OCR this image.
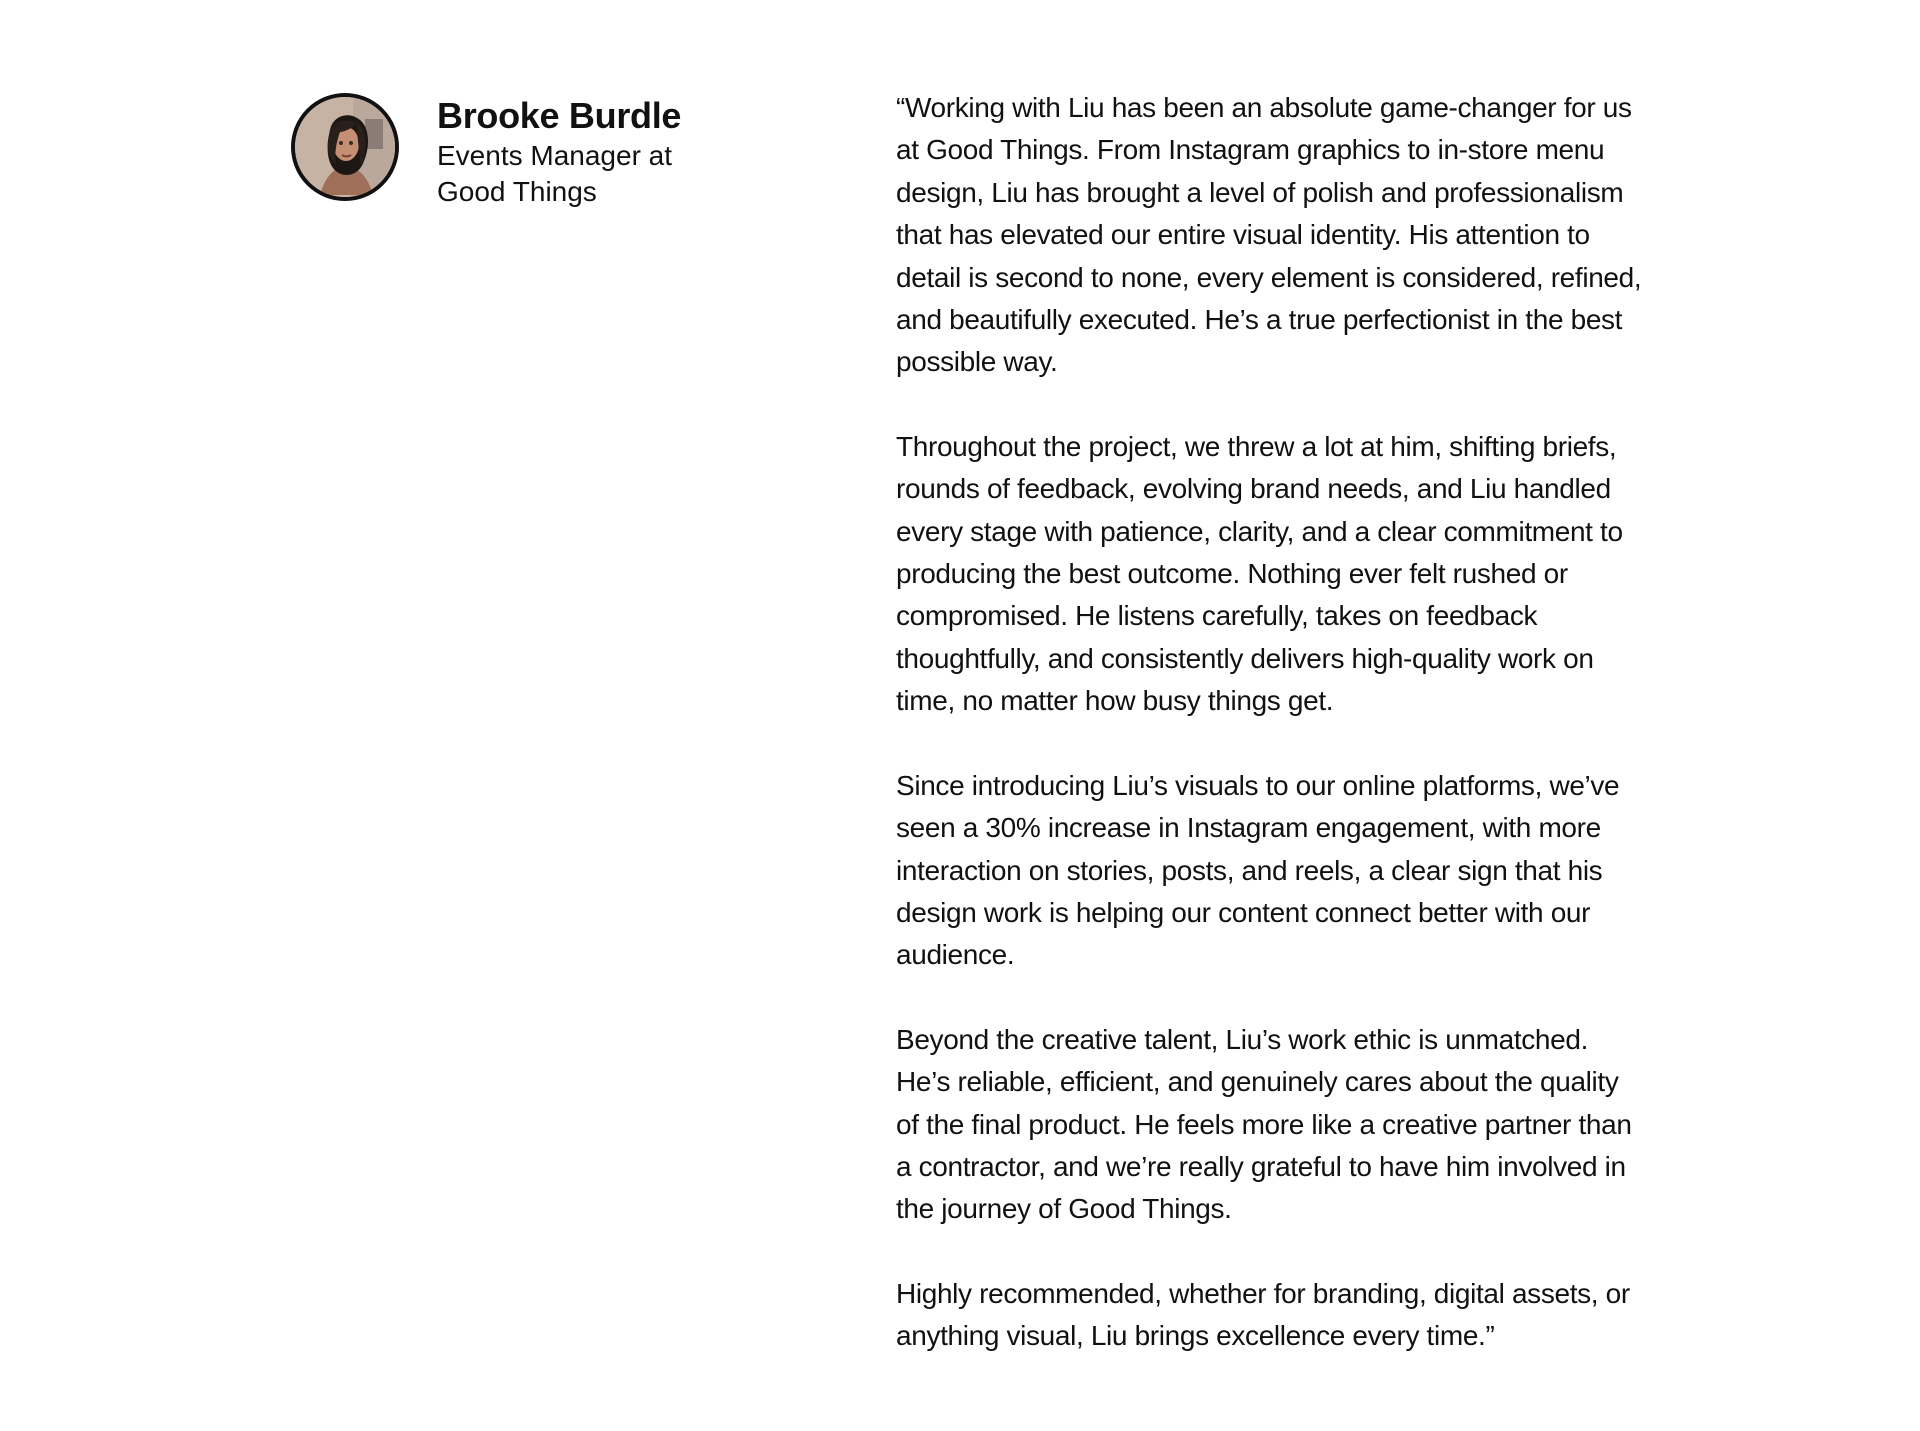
Brooke Burdle

Events Manager at Good Things

“Working with Liu has been an absolute game-changer for us at Good Things. From Instagram graphics to in-store menu design, Liu has brought a level of polish and professionalism that has elevated our entire visual identity. His attention to detail is second to none, every element is considered, refined, and beautifully executed. He’s a true perfectionist in the best possible way.

Throughout the project, we threw a lot at him, shifting briefs, rounds of feedback, evolving brand needs, and Liu handled every stage with patience, clarity, and a clear commitment to producing the best outcome. Nothing ever felt rushed or compromised. He listens carefully, takes on feedback thoughtfully, and consistently delivers high-quality work on time, no matter how busy things get.

Since introducing Liu’s visuals to our online platforms, we’ve seen a 30% increase in Instagram engagement, with more interaction on stories, posts, and reels, a clear sign that his design work is helping our content connect better with our audience.

Beyond the creative talent, Liu’s work ethic is unmatched. He’s reliable, efficient, and genuinely cares about the quality of the final product. He feels more like a creative partner than a contractor, and we’re really grateful to have him involved in the journey of Good Things.

Highly recommended, whether for branding, digital assets, or anything visual, Liu brings excellence every time.”
